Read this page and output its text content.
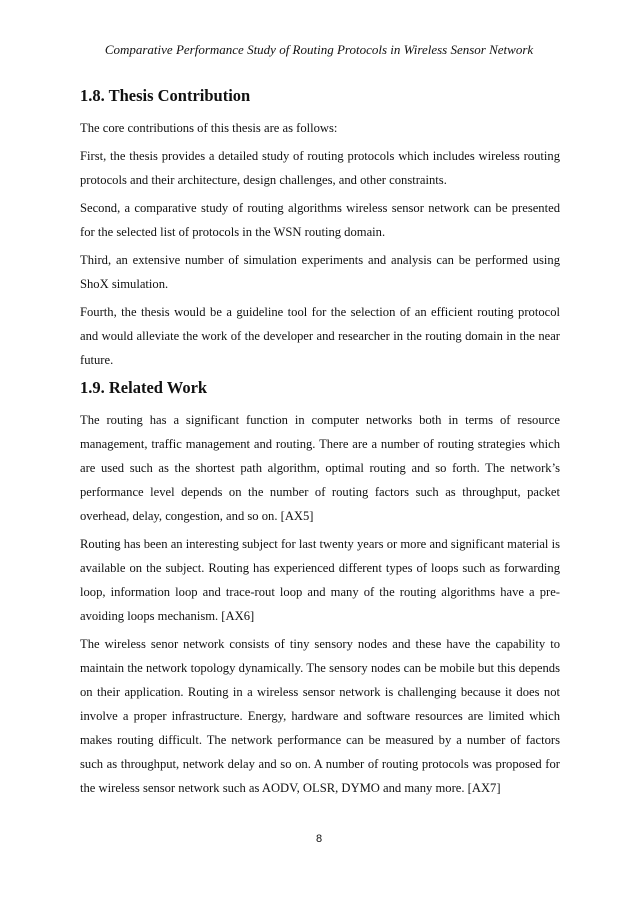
Comparative Performance Study of Routing Protocols in Wireless Sensor Network
1.8. Thesis Contribution

The core contributions of this thesis are as follows:

First, the thesis provides a detailed study of routing protocols which includes wireless routing protocols and their architecture, design challenges, and other constraints.

Second, a comparative study of routing algorithms wireless sensor network can be presented for the selected list of protocols in the WSN routing domain.

Third, an extensive number of simulation experiments and analysis can be performed using ShoX simulation.

Fourth, the thesis would be a guideline tool for the selection of an efficient routing protocol and would alleviate the work of the developer and researcher in the routing domain in the near future.

1.9. Related Work

The routing has a significant function in computer networks both in terms of resource management, traffic management and routing. There are a number of routing strategies which are used such as the shortest path algorithm, optimal routing and so forth. The network’s performance level depends on the number of routing factors such as throughput, packet overhead, delay, congestion, and so on. [AX5]

Routing has been an interesting subject for last twenty years or more and significant material is available on the subject. Routing has experienced different types of loops such as forwarding loop, information loop and trace-rout loop and many of the routing algorithms have a pre-avoiding loops mechanism. [AX6]

The wireless senor network consists of tiny sensory nodes and these have the capability to maintain the network topology dynamically. The sensory nodes can be mobile but this depends on their application. Routing in a wireless sensor network is challenging because it does not involve a proper infrastructure. Energy, hardware and software resources are limited which makes routing difficult. The network performance can be measured by a number of factors such as throughput, network delay and so on. A number of routing protocols was proposed for the wireless sensor network such as AODV, OLSR, DYMO and many more. [AX7]

8
